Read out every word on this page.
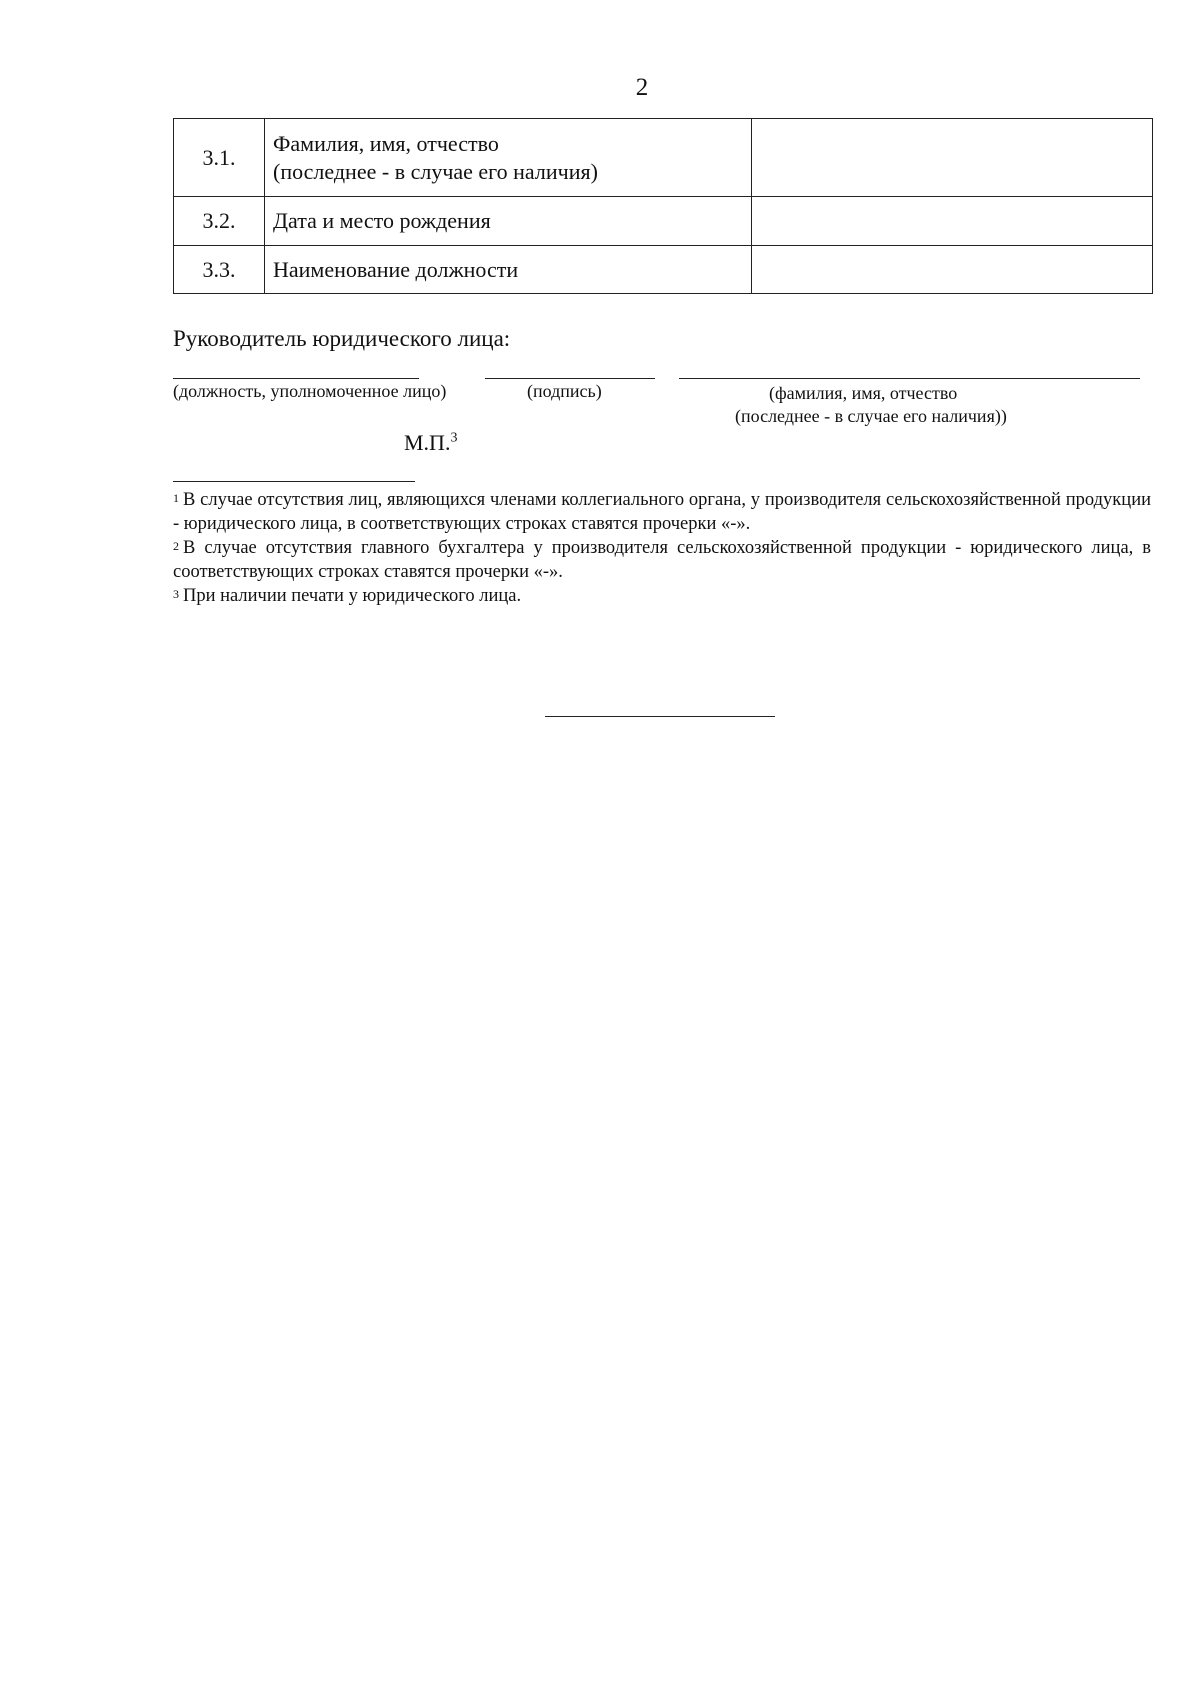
2
3.1.	Фамилия, имя, отчество
(последнее - в случае его наличия)	

3.2.	Дата и место рождения	

3.3.	Наименование должности	

Руководитель юридического лица:
(должность, уполномоченное лицо)	(подпись)	(фамилия, имя, отчество
(последнее - в случае его наличия))
М.П.$^3$

$^1$ В случае отсутствия лиц, являющихся членами коллегиального органа, у производителя сельскохозяйственной продукции - юридического лица, в соответствующих строках ставятся прочерки «-».

$^2$ В случае отсутствия главного бухгалтера у производителя сельскохозяйственной продукции - юридического лица, в соответствующих строках ставятся прочерки «-».

$^3$ При наличии печати у юридического лица.
